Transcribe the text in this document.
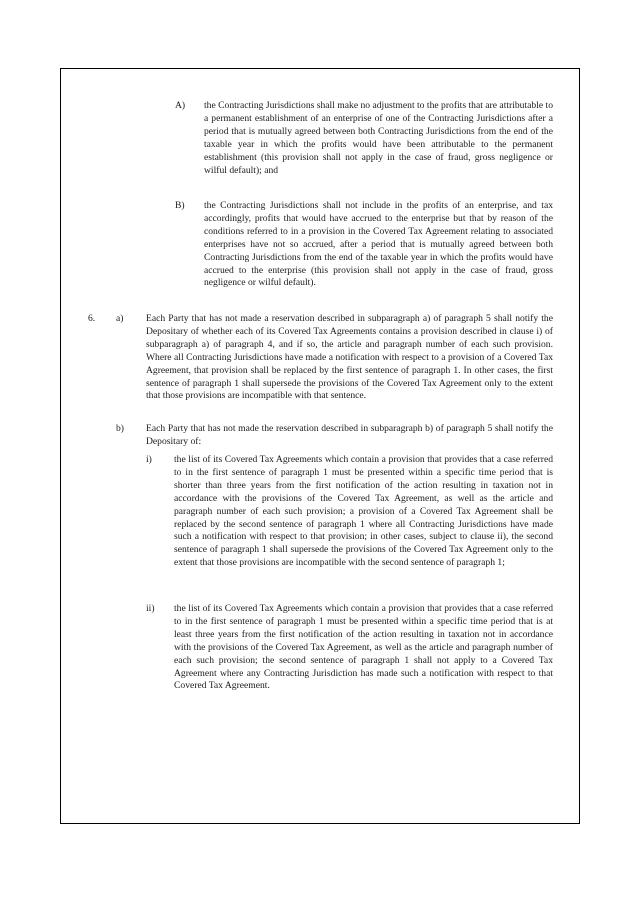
A) the Contracting Jurisdictions shall make no adjustment to the profits that are attributable to a permanent establishment of an enterprise of one of the Contracting Jurisdictions after a period that is mutually agreed between both Contracting Jurisdictions from the end of the taxable year in which the profits would have been attributable to the permanent establishment (this provision shall not apply in the case of fraud, gross negligence or wilful default); and
B) the Contracting Jurisdictions shall not include in the profits of an enterprise, and tax accordingly, profits that would have accrued to the enterprise but that by reason of the conditions referred to in a provision in the Covered Tax Agreement relating to associated enterprises have not so accrued, after a period that is mutually agreed between both Contracting Jurisdictions from the end of the taxable year in which the profits would have accrued to the enterprise (this provision shall not apply in the case of fraud, gross negligence or wilful default).
6. a) Each Party that has not made a reservation described in subparagraph a) of paragraph 5 shall notify the Depositary of whether each of its Covered Tax Agreements contains a provision described in clause i) of subparagraph a) of paragraph 4, and if so, the article and paragraph number of each such provision. Where all Contracting Jurisdictions have made a notification with respect to a provision of a Covered Tax Agreement, that provision shall be replaced by the first sentence of paragraph 1. In other cases, the first sentence of paragraph 1 shall supersede the provisions of the Covered Tax Agreement only to the extent that those provisions are incompatible with that sentence.
b) Each Party that has not made the reservation described in subparagraph b) of paragraph 5 shall notify the Depositary of:
i) the list of its Covered Tax Agreements which contain a provision that provides that a case referred to in the first sentence of paragraph 1 must be presented within a specific time period that is shorter than three years from the first notification of the action resulting in taxation not in accordance with the provisions of the Covered Tax Agreement, as well as the article and paragraph number of each such provision; a provision of a Covered Tax Agreement shall be replaced by the second sentence of paragraph 1 where all Contracting Jurisdictions have made such a notification with respect to that provision; in other cases, subject to clause ii), the second sentence of paragraph 1 shall supersede the provisions of the Covered Tax Agreement only to the extent that those provisions are incompatible with the second sentence of paragraph 1;
ii) the list of its Covered Tax Agreements which contain a provision that provides that a case referred to in the first sentence of paragraph 1 must be presented within a specific time period that is at least three years from the first notification of the action resulting in taxation not in accordance with the provisions of the Covered Tax Agreement, as well as the article and paragraph number of each such provision; the second sentence of paragraph 1 shall not apply to a Covered Tax Agreement where any Contracting Jurisdiction has made such a notification with respect to that Covered Tax Agreement.
